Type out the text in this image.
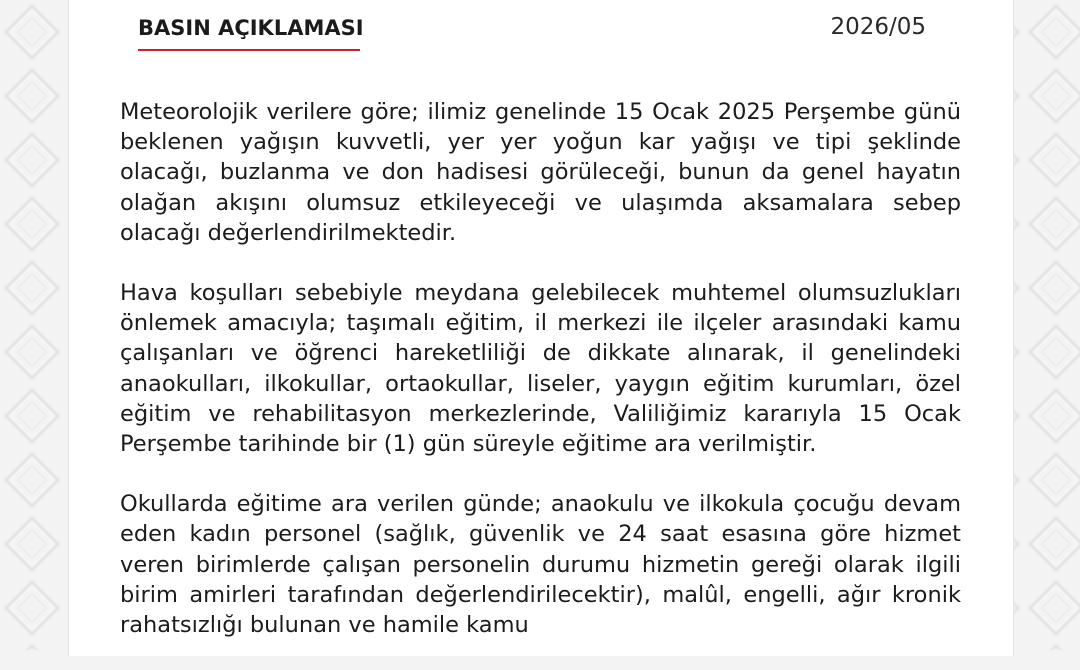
BASIN AÇIKLAMASI	2026/05

Meteorolojik verilere göre; ilimiz genelinde 15 Ocak 2025 Perşembe günü beklenen yağışın kuvvetli, yer yer yoğun kar yağışı ve tipi şeklinde olacağı, buzlanma ve don hadisesi görüleceği, bunun da genel hayatın olağan akışını olumsuz etkileyeceği ve ulaşımda aksamalara sebep olacağı değerlendirilmektedir.

Hava koşulları sebebiyle meydana gelebilecek muhtemel olumsuzlukları önlemek amacıyla; taşımalı eğitim, il merkezi ile ilçeler arasındaki kamu çalışanları ve öğrenci hareketliliği de dikkate alınarak, il genelindeki anaokulları, ilkokullar, ortaokullar, liseler, yaygın eğitim kurumları, özel eğitim ve rehabilitasyon merkezlerinde, Valiliğimiz kararıyla 15 Ocak Perşembe tarihinde bir (1) gün süreyle eğitime ara verilmiştir.

Okullarda eğitime ara verilen günde; anaokulu ve ilkokula çocuğu devam eden kadın personel (sağlık, güvenlik ve 24 saat esasına göre hizmet veren birimlerde çalışan personelin durumu hizmetin gereği olarak ilgili birim amirleri tarafından değerlendirilecektir), malûl, engelli, ağır kronik rahatsızlığı bulunan ve hamile kamu
